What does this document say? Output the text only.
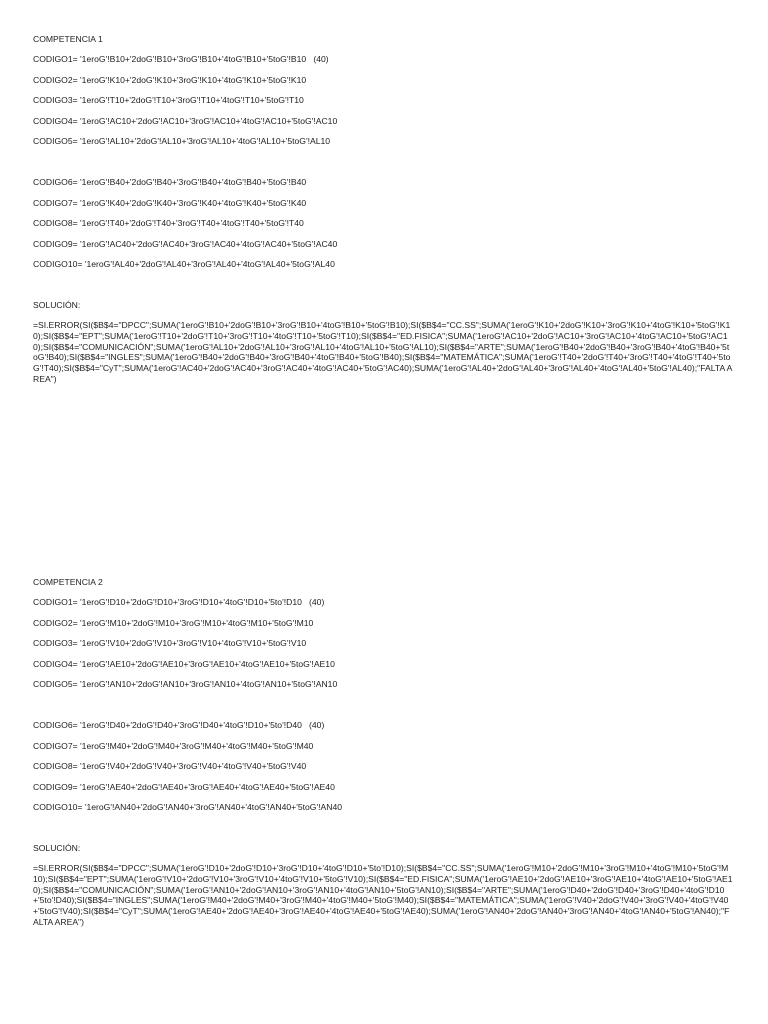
COMPETENCIA 1
CODIGO1= '1eroG'!B10+'2doG'!B10+'3roG'!B10+'4toG'!B10+'5toG'!B10   (40)
CODIGO2= '1eroG'!K10+'2doG'!K10+'3roG'!K10+'4toG'!K10+'5toG'!K10
CODIGO3= '1eroG'!T10+'2doG'!T10+'3roG'!T10+'4toG'!T10+'5toG'!T10
CODIGO4= '1eroG'!AC10+'2doG'!AC10+'3roG'!AC10+'4toG'!AC10+'5toG'!AC10
CODIGO5= '1eroG'!AL10+'2doG'!AL10+'3roG'!AL10+'4toG'!AL10+'5toG'!AL10
CODIGO6= '1eroG'!B40+'2doG'!B40+'3roG'!B40+'4toG'!B40+'5toG'!B40
CODIGO7= '1eroG'!K40+'2doG'!K40+'3roG'!K40+'4toG'!K40+'5toG'!K40
CODIGO8= '1eroG'!T40+'2doG'!T40+'3roG'!T40+'4toG'!T40+'5toG'!T40
CODIGO9= '1eroG'!AC40+'2doG'!AC40+'3roG'!AC40+'4toG'!AC40+'5toG'!AC40
CODIGO10= '1eroG'!AL40+'2doG'!AL40+'3roG'!AL40+'4toG'!AL40+'5toG'!AL40
SOLUCIÓN:
=SI.ERROR(SI($B$4="DPCC";SUMA('1eroG'!B10+'2doG'!B10+'3roG'!B10+'4toG'!B10+'5toG'!B10);SI($B$4="CC.SS";SUMA('1eroG'!K10+'2doG'!K10+'3roG'!K10+'4toG'!K10+'5toG'!K10);SI($B$4="EPT";SUMA('1eroG'!T10+'2doG'!T10+'3roG'!T10+'4toG'!T10+'5toG'!T10);SI($B$4="ED.FISICA";SUMA('1eroG'!AC10+'2doG'!AC10+'3roG'!AC10+'4toG'!AC10+'5toG'!AC10);SI($B$4="COMUNICACIÓN";SUMA('1eroG'!AL10+'2doG'!AL10+'3roG'!AL10+'4toG'!AL10+'5toG'!AL10);SI($B$4="ARTE";SUMA('1eroG'!B40+'2doG'!B40+'3roG'!B40+'4toG'!B40+'5toG'!B40);SI($B$4="INGLES";SUMA('1eroG'!B40+'2doG'!B40+'3roG'!B40+'4toG'!B40+'5toG'!B40);SI($B$4="MATEMÁTICA";SUMA('1eroG'!T40+'2doG'!T40+'3roG'!T40+'4toG'!T40+'5toG'!T40);SI($B$4="CyT";SUMA('1eroG'!AC40+'2doG'!AC40+'3roG'!AC40+'4toG'!AC40+'5toG'!AC40);SUMA('1eroG'!AL40+'2doG'!AL40+'3roG'!AL40+'4toG'!AL40+'5toG'!AL40);"FALTA AREA")
COMPETENCIA 2
CODIGO1= '1eroG'!D10+'2doG'!D10+'3roG'!D10+'4toG'!D10+'5to'!D10   (40)
CODIGO2= '1eroG'!M10+'2doG'!M10+'3roG'!M10+'4toG'!M10+'5toG'!M10
CODIGO3= '1eroG'!V10+'2doG'!V10+'3roG'!V10+'4toG'!V10+'5toG'!V10
CODIGO4= '1eroG'!AE10+'2doG'!AE10+'3roG'!AE10+'4toG'!AE10+'5toG'!AE10
CODIGO5= '1eroG'!AN10+'2doG'!AN10+'3roG'!AN10+'4toG'!AN10+'5toG'!AN10
CODIGO6= '1eroG'!D40+'2doG'!D40+'3roG'!D40+'4toG'!D10+'5to'!D40   (40)
CODIGO7= '1eroG'!M40+'2doG'!M40+'3roG'!M40+'4toG'!M40+'5toG'!M40
CODIGO8= '1eroG'!V40+'2doG'!V40+'3roG'!V40+'4toG'!V40+'5toG'!V40
CODIGO9= '1eroG'!AE40+'2doG'!AE40+'3roG'!AE40+'4toG'!AE40+'5toG'!AE40
CODIGO10= '1eroG'!AN40+'2doG'!AN40+'3roG'!AN40+'4toG'!AN40+'5toG'!AN40
SOLUCIÓN:
=SI.ERROR(SI($B$4="DPCC";SUMA('1eroG'!D10+'2doG'!D10+'3roG'!D10+'4toG'!D10+'5to'!D10);SI($B$4="CC.SS";SUMA('1eroG'!M10+'2doG'!M10+'3roG'!M10+'4toG'!M10+'5toG'!M10);SI($B$4="EPT";SUMA('1eroG'!V10+'2doG'!V10+'3roG'!V10+'4toG'!V10+'5toG'!V10);SI($B$4="ED.FISICA";SUMA('1eroG'!AE10+'2doG'!AE10+'3roG'!AE10+'4toG'!AE10+'5toG'!AE10);SI($B$4="COMUNICACIÓN";SUMA('1eroG'!AN10+'2doG'!AN10+'3roG'!AN10+'4toG'!AN10+'5toG'!AN10);SI($B$4="ARTE";SUMA('1eroG'!D40+'2doG'!D40+'3roG'!D40+'4toG'!D10+'5to'!D40);SI($B$4="INGLES";SUMA('1eroG'!M40+'2doG'!M40+'3roG'!M40+'4toG'!M40+'5toG'!M40);SI($B$4="MATEMÁTICA";SUMA('1eroG'!V40+'2doG'!V40+'3roG'!V40+'4toG'!V40+'5toG'!V40);SI($B$4="CyT";SUMA('1eroG'!AE40+'2doG'!AE40+'3roG'!AE40+'4toG'!AE40+'5toG'!AE40);SUMA('1eroG'!AN40+'2doG'!AN40+'3roG'!AN40+'4toG'!AN40+'5toG'!AN40);"FALTA AREA")
